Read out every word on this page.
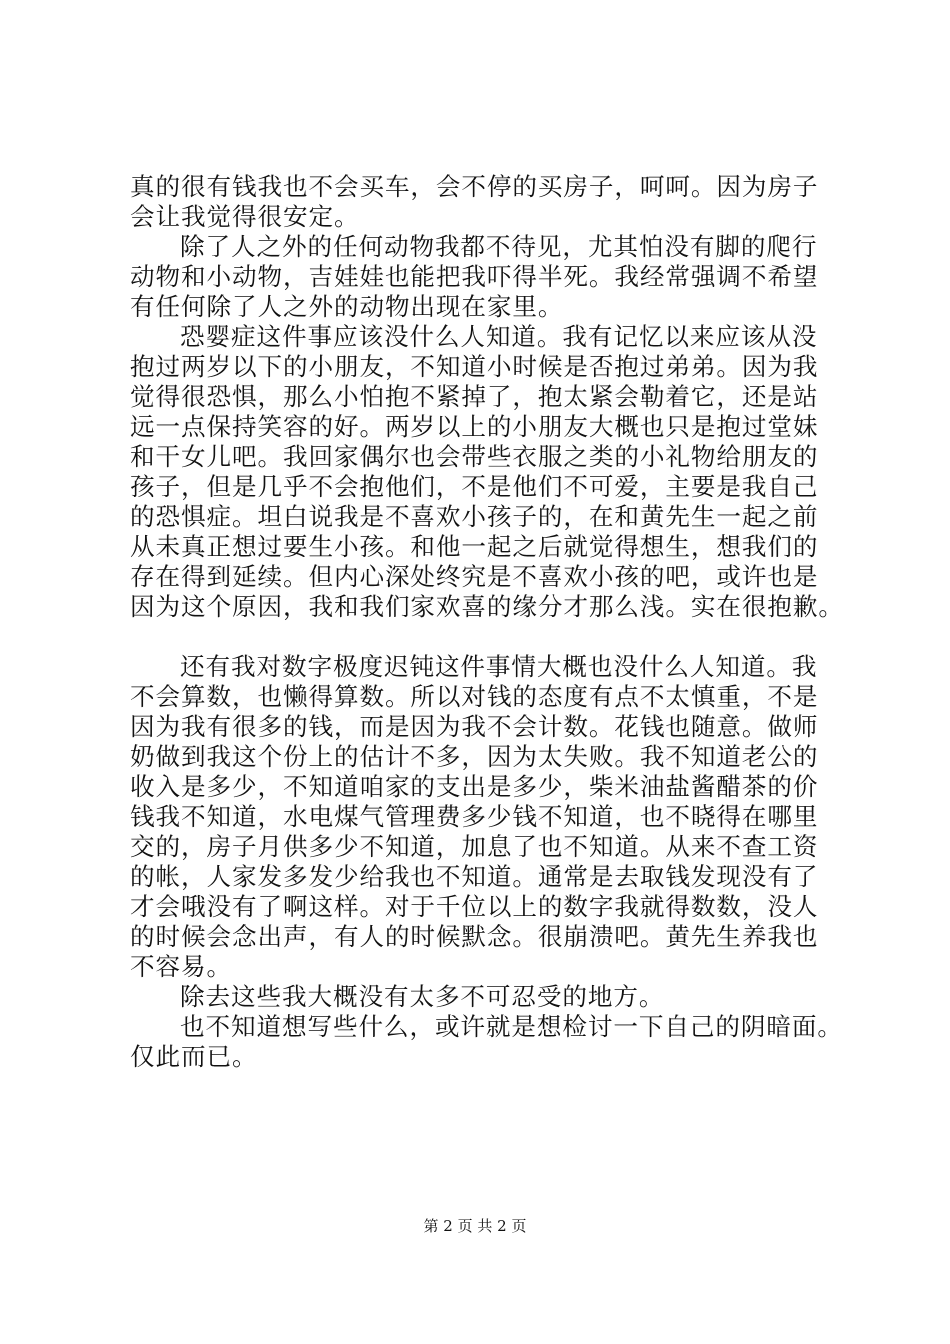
真的很有钱我也不会买车，会不停的买房子，呵呵。因为房子
会让我觉得很安定。
除了人之外的任何动物我都不待见，尤其怕没有脚的爬行
动物和小动物，吉娃娃也能把我吓得半死。我经常强调不希望
有任何除了人之外的动物出现在家里。
恐婴症这件事应该没什么人知道。我有记忆以来应该从没
抱过两岁以下的小朋友，不知道小时候是否抱过弟弟。因为我
觉得很恐惧，那么小怕抱不紧掉了，抱太紧会勒着它，还是站
远一点保持笑容的好。两岁以上的小朋友大概也只是抱过堂妹
和干女儿吧。我回家偶尔也会带些衣服之类的小礼物给朋友的
孩子，但是几乎不会抱他们，不是他们不可爱，主要是我自己
的恐惧症。坦白说我是不喜欢小孩子的，在和黄先生一起之前
从未真正想过要生小孩。和他一起之后就觉得想生，想我们的
存在得到延续。但内心深处终究是不喜欢小孩的吧，或许也是
因为这个原因，我和我们家欢喜的缘分才那么浅。实在很抱歉。
还有我对数字极度迟钝这件事情大概也没什么人知道。我
不会算数，也懒得算数。所以对钱的态度有点不太慎重，不是
因为我有很多的钱，而是因为我不会计数。花钱也随意。做师
奶做到我这个份上的估计不多，因为太失败。我不知道老公的
收入是多少，不知道咱家的支出是多少，柴米油盐酱醋茶的价
钱我不知道，水电煤气管理费多少钱不知道，也不晓得在哪里
交的，房子月供多少不知道，加息了也不知道。从来不查工资
的帐，人家发多发少给我也不知道。通常是去取钱发现没有了
才会哦没有了啊这样。对于千位以上的数字我就得数数，没人
的时候会念出声，有人的时候默念。很崩溃吧。黄先生养我也
不容易。
除去这些我大概没有太多不可忍受的地方。
也不知道想写些什么，或许就是想检讨一下自己的阴暗面。
仅此而已。
第 2 页 共 2 页
